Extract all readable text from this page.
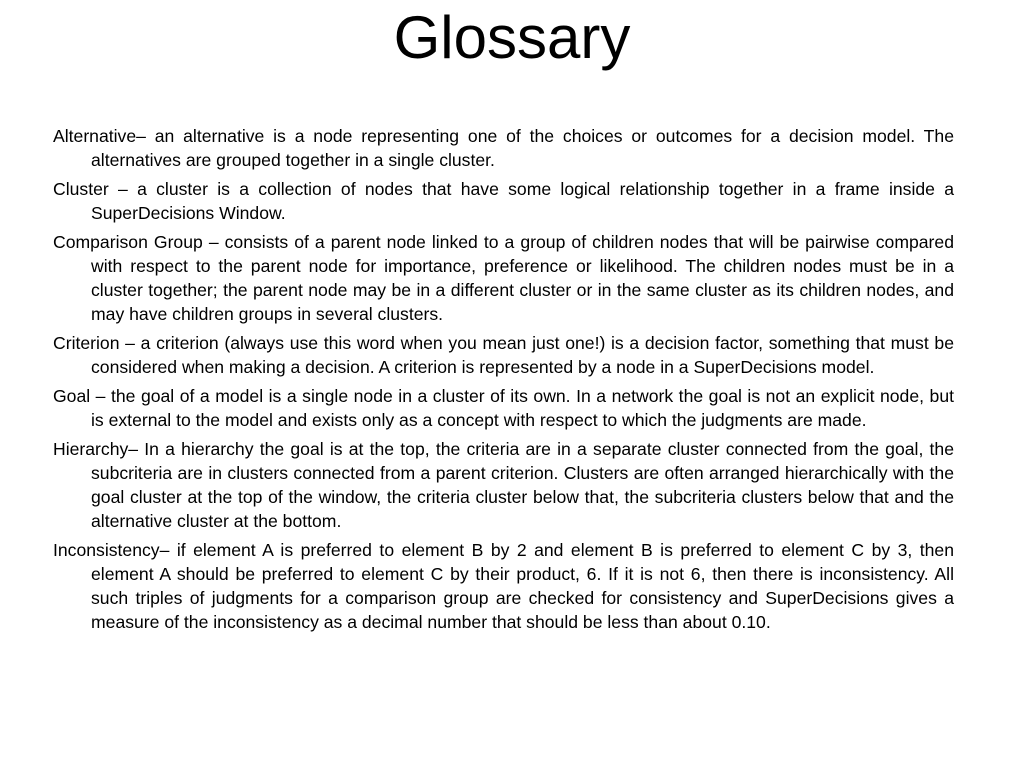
Glossary
Alternative– an alternative is a node representing one of the choices or outcomes for a decision model. The alternatives are grouped together in a single cluster.
Cluster – a cluster is a collection of nodes that have some logical relationship together in a frame inside a SuperDecisions Window.
Comparison Group – consists of a parent node linked to a group of children nodes that will be pairwise compared with respect to the parent node for importance, preference or likelihood. The children nodes must be in a cluster together; the parent node may be in a different cluster or in the same cluster as its children nodes, and may have children groups in several clusters.
Criterion – a criterion (always use this word when you mean just one!) is a decision factor, something that must be considered when making a decision. A criterion is represented by a node in a SuperDecisions model.
Goal – the goal of a model is a single node in a cluster of its own. In a network the goal is not an explicit node, but is external to the model and exists only as a concept with respect to which the judgments are made.
Hierarchy– In a hierarchy the goal is at the top, the criteria are in a separate cluster connected from the goal, the subcriteria are in clusters connected from a parent criterion. Clusters are often arranged hierarchically with the goal cluster at the top of the window, the criteria cluster below that, the subcriteria clusters below that and the alternative cluster at the bottom.
Inconsistency– if element A is preferred to element B by 2 and element B is preferred to element C by 3, then element A should be preferred to element C by their product, 6. If it is not 6, then there is inconsistency. All such triples of judgments for a comparison group are checked for consistency and SuperDecisions gives a measure of the inconsistency as a decimal number that should be less than about 0.10.
